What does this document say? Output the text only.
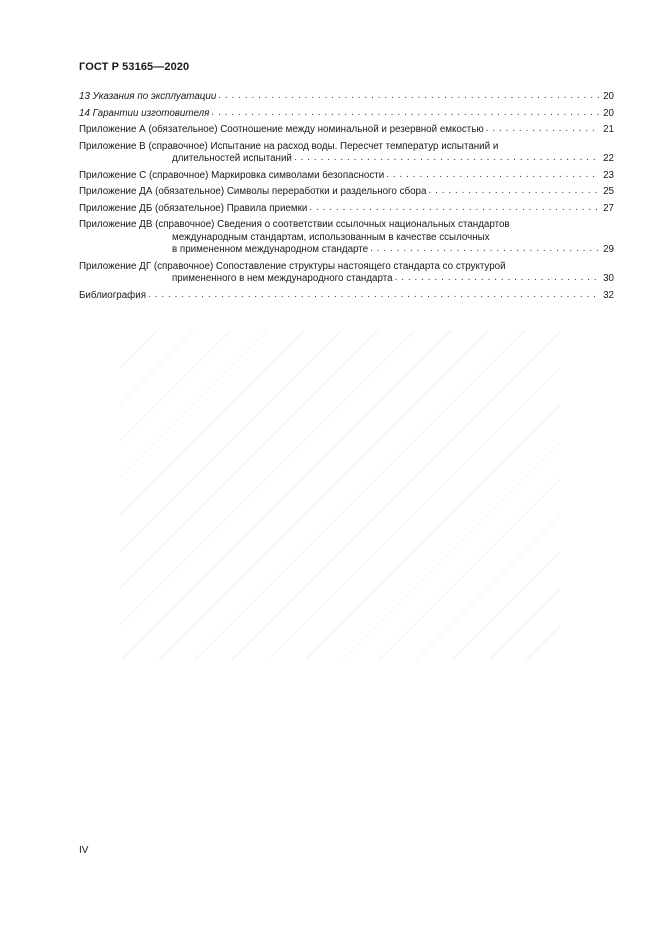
ГОСТ Р 53165—2020
13 Указания по эксплуатации . . .	20
14 Гарантии изготовителя . . .	20
Приложение А (обязательное) Соотношение между номинальной и резервной емкостью . . .	21
Приложение В (справочное) Испытание на расход воды. Пересчет температур испытаний и
длительностей испытаний . . .	22
Приложение С (справочное) Маркировка символами безопасности . . .	23
Приложение ДА (обязательное) Символы переработки и раздельного сбора . . .	25
Приложение ДБ (обязательное) Правила приемки . . .	27
Приложение ДВ (справочное) Сведения о соответствии ссылочных национальных стандартов
международным стандартам, использованным в качестве ссылочных
в примененном международном стандарте . . .	29
Приложение ДГ (справочное) Сопоставление структуры настоящего стандарта со структурой
примененного в нем международного стандарта . . .	30
Библиография . . .	32
IV
